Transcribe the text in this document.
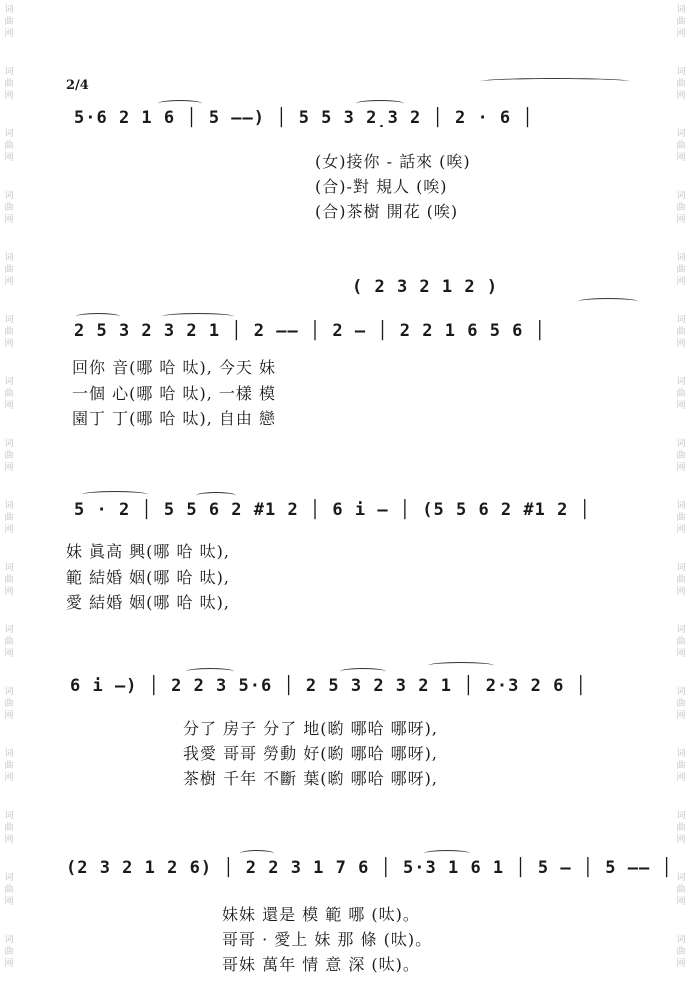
词
曲
网
词
曲
网
词
曲
网
词
曲
网
词
曲
网
词
曲
网
词
曲
网
词
曲
网
词
曲
网
词
曲
网
词
曲
网
词
曲
网
词
曲
网
词
曲
网
词
曲
网
词
曲
网
词
曲
网
词
曲
网
词
曲
网
词
曲
网
词
曲
网
词
曲
网
词
曲
网
词
曲
网
词
曲
网
词
曲
网
词
曲
网
词
曲
网
词
曲
网
词
曲
网
词
曲
网
词
曲
网
2/4
5·6 2 1 6 │ 5 ——) │ 5 5 3 2̣3 2 │ 2 · 6 │
(女)接你 - 話來 (唉)
(合)-對 規人 (唉)
(合)茶樹 開花 (唉)
( 2 3 2 1 2 )
2 5 3 2 3 2 1 │ 2 —— │ 2 — │ 2 2 1 6 5 6 │
回你 音(哪 哈 呔), 今天 妹
一個 心(哪 哈 呔), 一樣 模
園丁 丁(哪 哈 呔), 自由 戀
5 · 2 │ 5 5 6 2 #1 2 │ 6 i — │ (5 5 6 2 #1 2 │
妹 眞高 興(哪 哈 呔),
範 結婚 姻(哪 哈 呔),
愛 結婚 姻(哪 哈 呔),
6 i —) │ 2 2 3 5·6 │ 2 5 3 2 3 2 1 │ 2·3 2 6 │
分了 房子 分了 地(喲 哪哈 哪呀),
我愛 哥哥 勞動 好(喲 哪哈 哪呀),
茶樹 千年 不斷 葉(喲 哪哈 哪呀),
(2 3 2 1 2 6) │ 2 2 3 1 7 6 │ 5·3 1 6 1 │ 5 — │ 5 —— │
妹妹 還是 模 範 哪 (呔)。
哥哥 · 愛上 妹 那 條 (呔)。
哥妹 萬年 情 意 深 (呔)。
